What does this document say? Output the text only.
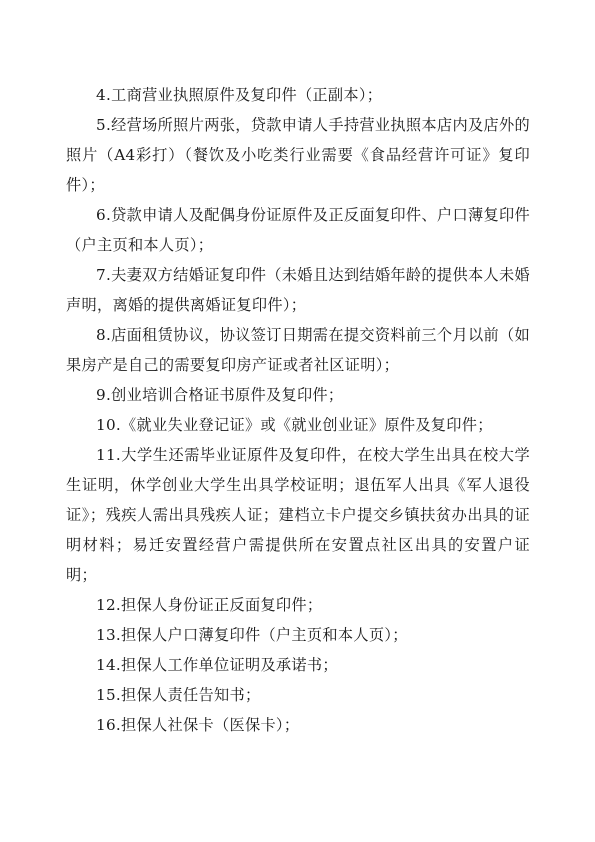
4.工商营业执照原件及复印件（正副本）；

5.经营场所照片两张，贷款申请人手持营业执照本店内及店外的照片（A4彩打）（餐饮及小吃类行业需要《食品经营许可证》复印件）；

6.贷款申请人及配偶身份证原件及正反面复印件、户口薄复印件（户主页和本人页）；

7.夫妻双方结婚证复印件（未婚且达到结婚年龄的提供本人未婚声明，离婚的提供离婚证复印件）；

8.店面租赁协议，协议签订日期需在提交资料前三个月以前（如果房产是自己的需要复印房产证或者社区证明）；

9.创业培训合格证书原件及复印件；

10.《就业失业登记证》或《就业创业证》原件及复印件；

11.大学生还需毕业证原件及复印件，在校大学生出具在校大学生证明，休学创业大学生出具学校证明；退伍军人出具《军人退役证》；残疾人需出具残疾人证；建档立卡户提交乡镇扶贫办出具的证明材料；易迁安置经营户需提供所在安置点社区出具的安置户证明；

12.担保人身份证正反面复印件；

13.担保人户口薄复印件（户主页和本人页）；

14.担保人工作单位证明及承诺书；

15.担保人责任告知书；

16.担保人社保卡（医保卡）；
